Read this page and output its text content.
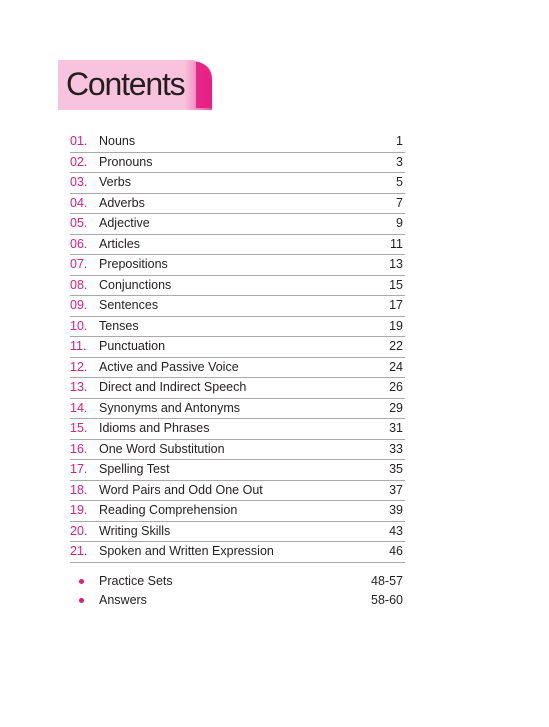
Contents
01. Nouns	1
02. Pronouns	3
03. Verbs	5
04. Adverbs	7
05. Adjective	9
06. Articles	11
07. Prepositions	13
08. Conjunctions	15
09. Sentences	17
10. Tenses	19
11. Punctuation	22
12. Active and Passive Voice	24
13. Direct and Indirect Speech	26
14. Synonyms and Antonyms	29
15. Idioms and Phrases	31
16. One Word Substitution	33
17. Spelling Test	35
18. Word Pairs and Odd One Out	37
19. Reading Comprehension	39
20. Writing Skills	43
21. Spoken and Written Expression	46
Practice Sets	48-57
Answers	58-60
